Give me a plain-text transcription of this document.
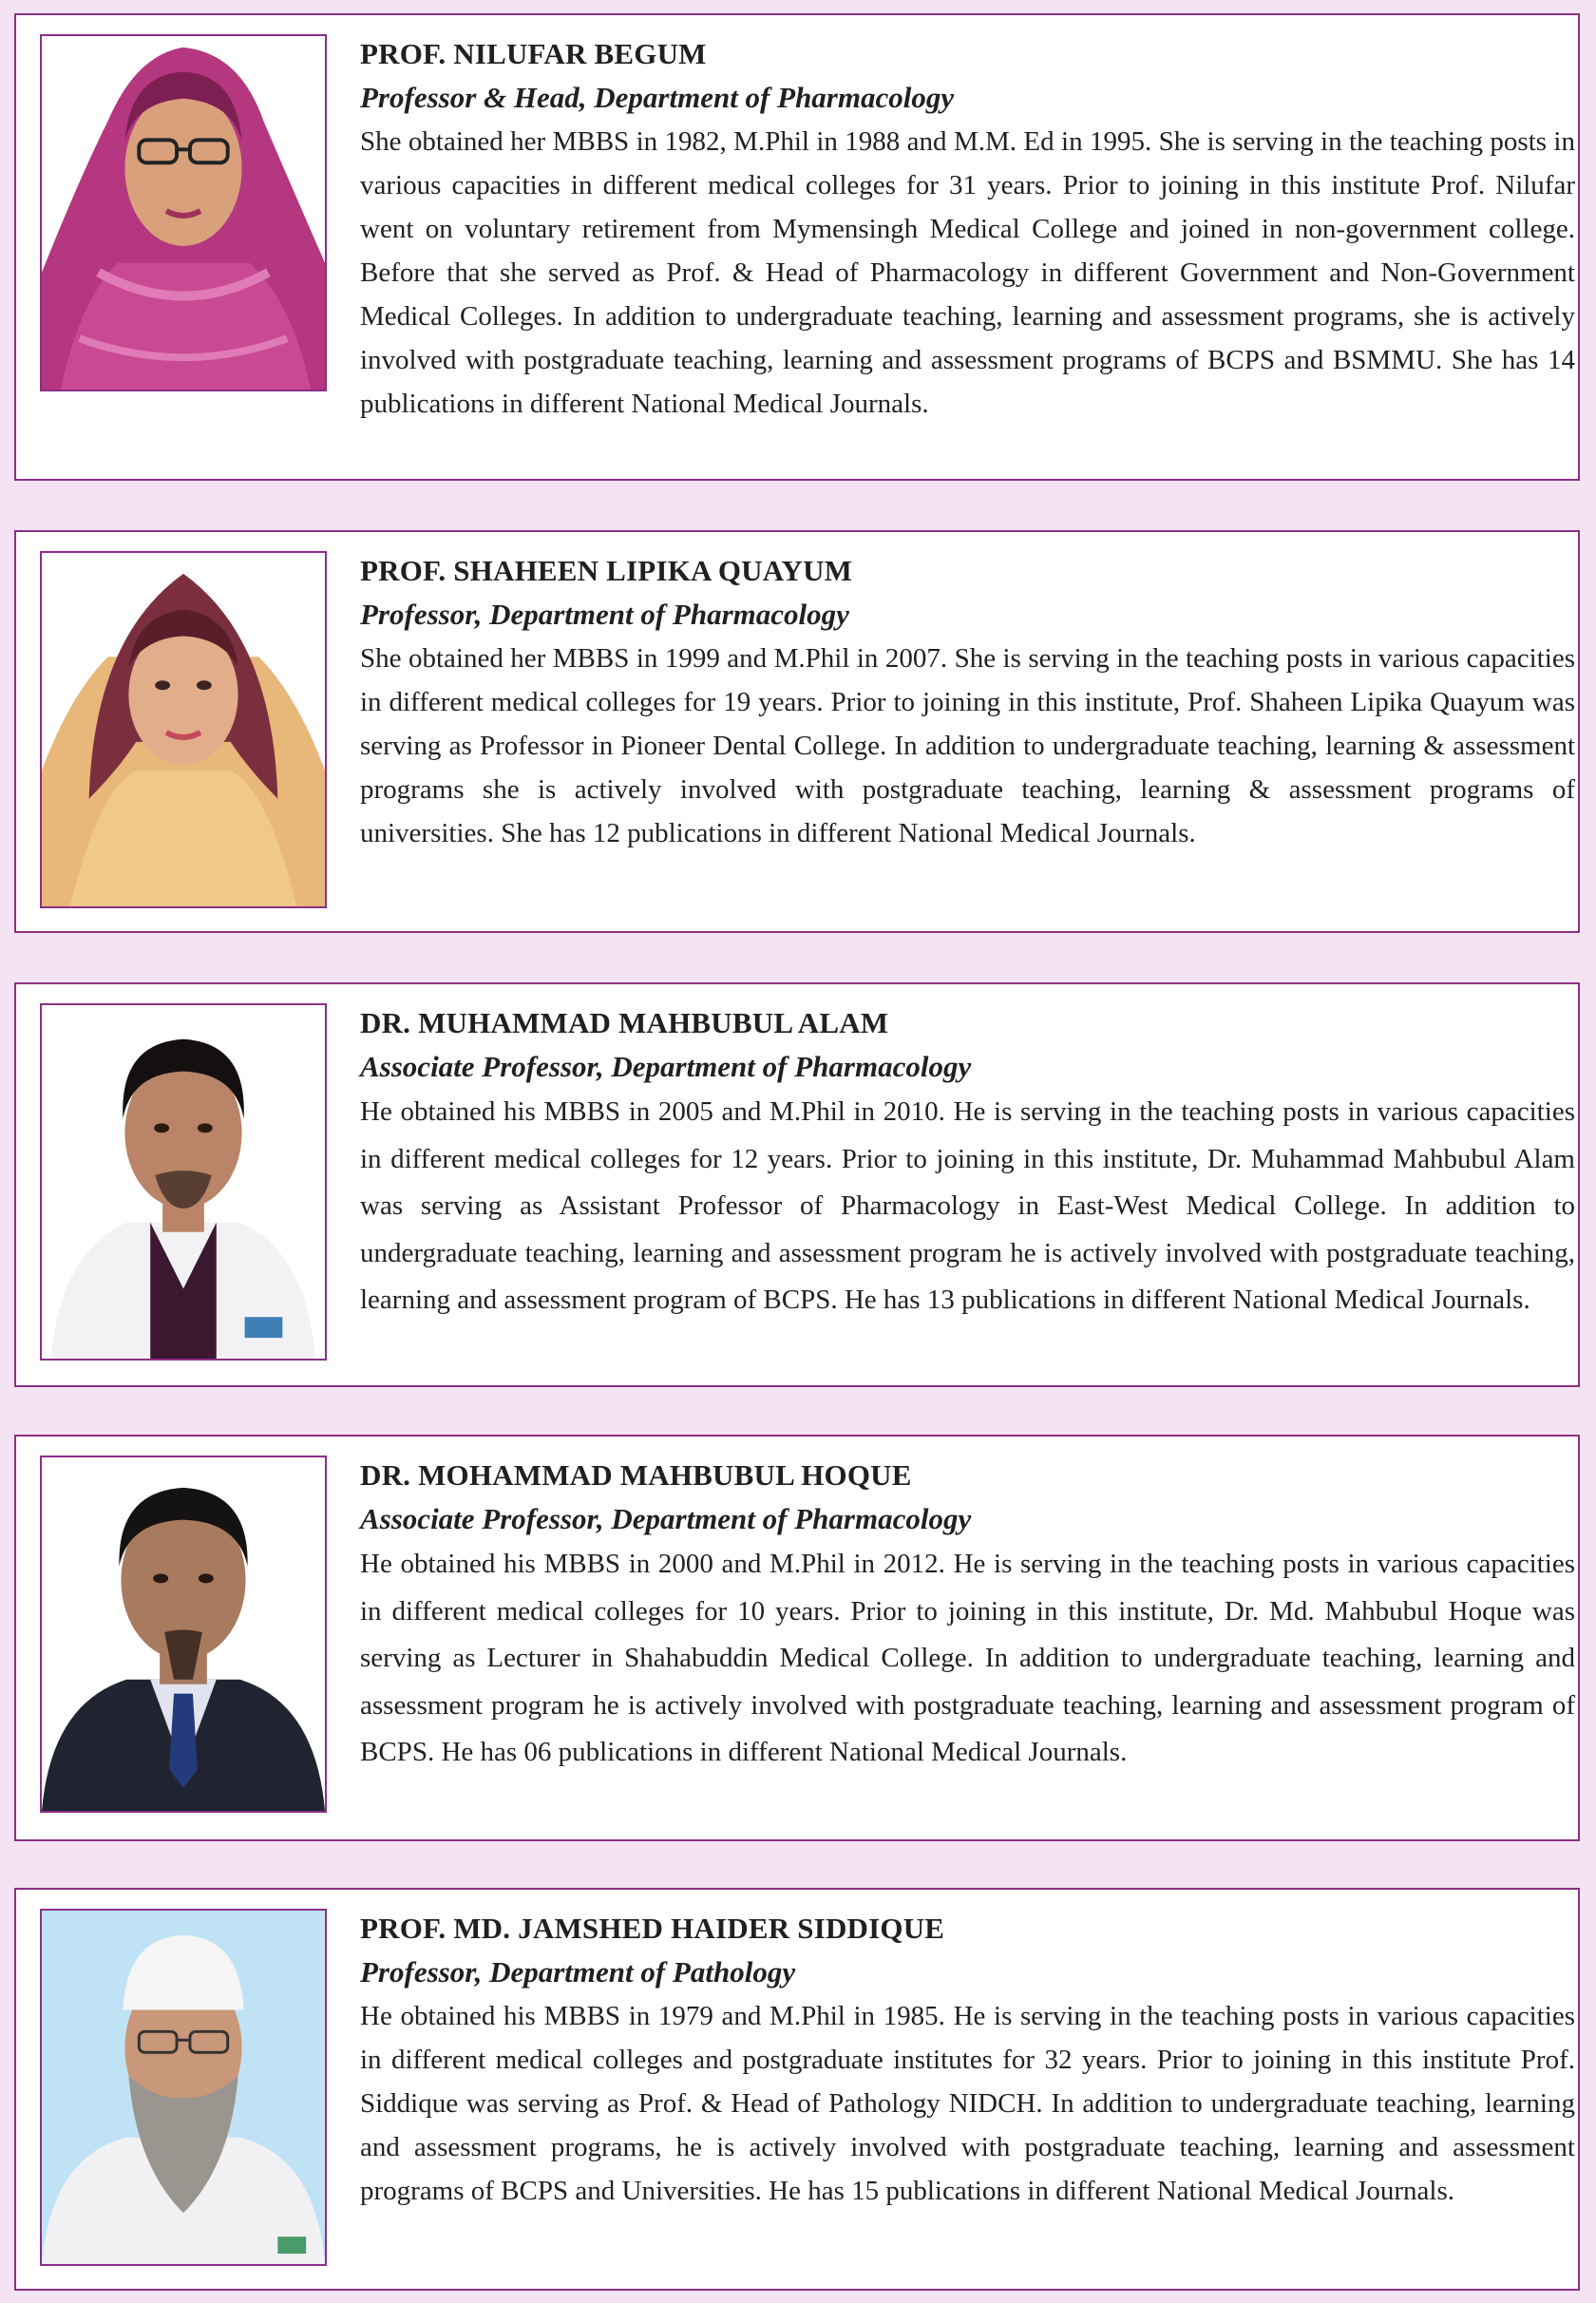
PROF. NILUFAR BEGUM

Professor & Head, Department of Pharmacology

She obtained her MBBS in 1982, M.Phil in 1988 and M.M. Ed in 1995. She is serving in the teaching posts in various capacities in different medical colleges for 31 years. Prior to joining in this institute Prof. Nilufar went on voluntary retirement from Mymensingh Medical College and joined in non-government college. Before that she served as Prof. & Head of Pharmacology in different Government and Non-Government Medical Colleges. In addition to undergraduate teaching, learning and assessment programs, she is actively involved with postgraduate teaching, learning and assessment programs of BCPS and BSMMU. She has 14 publications in different National Medical Journals.

PROF. SHAHEEN LIPIKA QUAYUM

Professor, Department of Pharmacology

She obtained her MBBS in 1999 and M.Phil in 2007. She is serving in the teaching posts in various capacities in different medical colleges for 19 years. Prior to joining in this institute, Prof. Shaheen Lipika Quayum was serving as Professor in Pioneer Dental College. In addition to undergraduate teaching, learning & assessment programs she is actively involved with postgraduate teaching, learning & assessment programs of universities. She has 12 publications in different National Medical Journals.

DR. MUHAMMAD MAHBUBUL ALAM

Associate Professor, Department of Pharmacology

He obtained his MBBS in 2005 and M.Phil in 2010. He is serving in the teaching posts in various capacities in different medical colleges for 12 years. Prior to joining in this institute, Dr. Muhammad Mahbubul Alam was serving as Assistant Professor of Pharmacology in East-West Medical College. In addition to undergraduate teaching, learning and assessment program he is actively involved with postgraduate teaching, learning and assessment program of BCPS. He has 13 publications in different National Medical Journals.

DR. MOHAMMAD MAHBUBUL HOQUE

Associate Professor, Department of Pharmacology

He obtained his MBBS in 2000 and M.Phil in 2012. He is serving in the teaching posts in various capacities in different medical colleges for 10 years. Prior to joining in this institute, Dr. Md. Mahbubul Hoque was serving as Lecturer in Shahabuddin Medical College. In addition to undergraduate teaching, learning and assessment program he is actively involved with postgraduate teaching, learning and assessment program of BCPS. He has 06 publications in different National Medical Journals.

PROF. MD. JAMSHED HAIDER SIDDIQUE

Professor, Department of Pathology

He obtained his MBBS in 1979 and M.Phil in 1985. He is serving in the teaching posts in various capacities in different medical colleges and postgraduate institutes for 32 years. Prior to joining in this institute Prof. Siddique was serving as Prof. & Head of Pathology NIDCH. In addition to undergraduate teaching, learning and assessment programs, he is actively involved with postgraduate teaching, learning and assessment programs of BCPS and Universities. He has 15 publications in different National Medical Journals.
